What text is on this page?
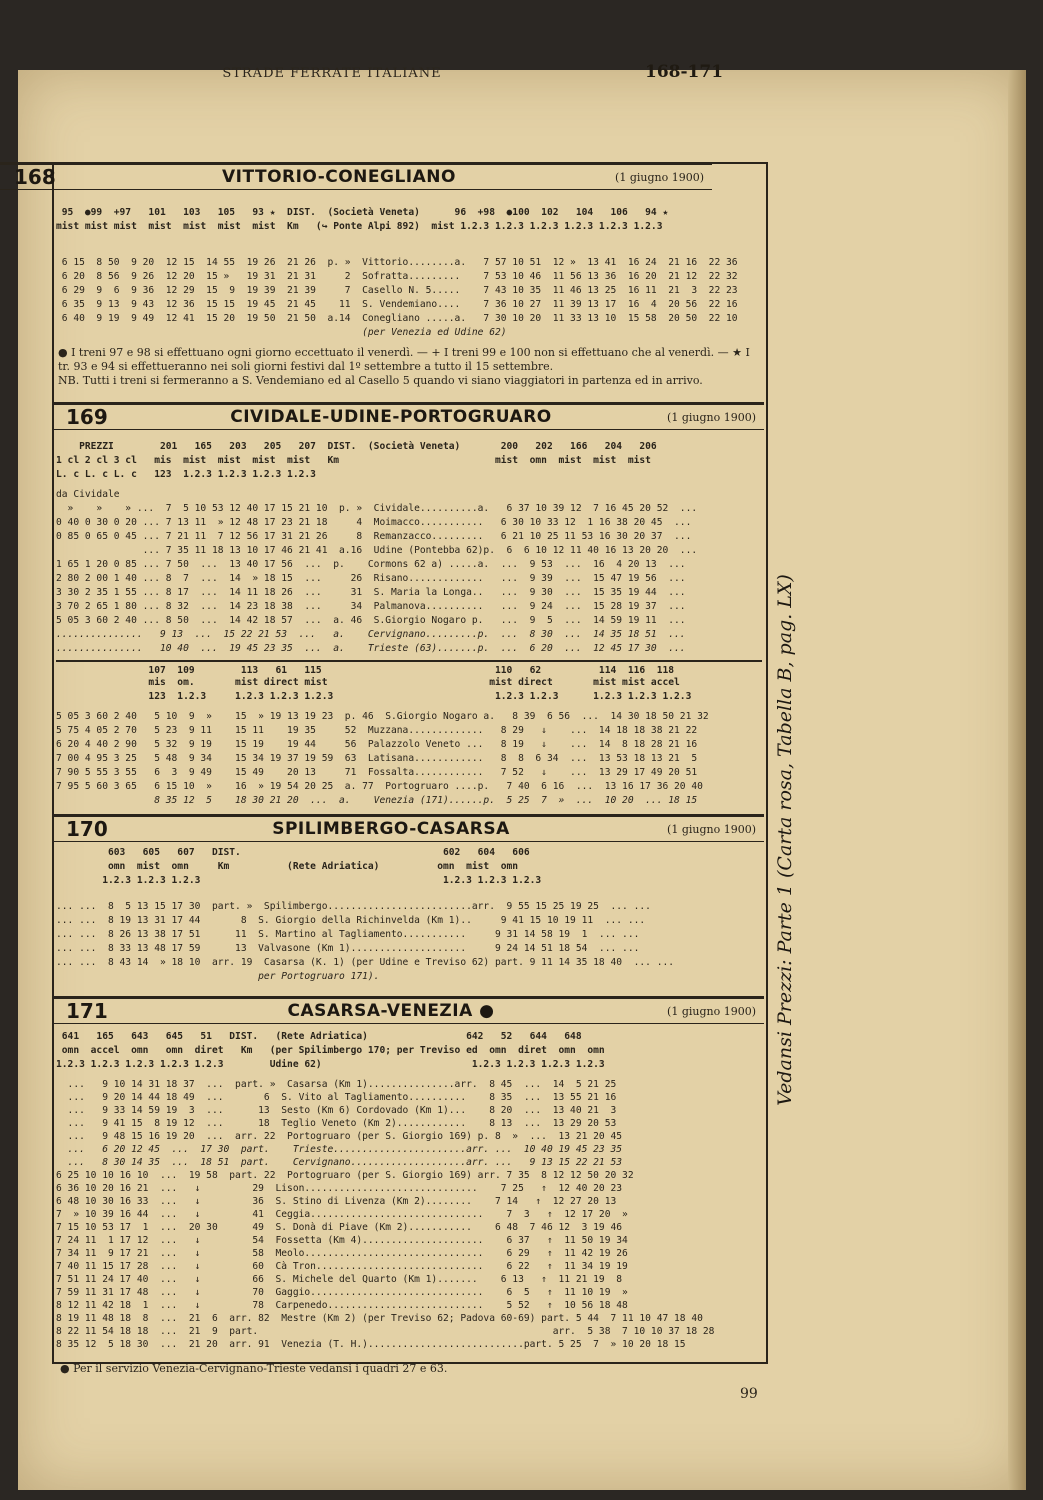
STRADE FERRATE ITALIANE	168-171
168	VITTORIO-CONEGLIANO	(1 giugno 1900)
95  ●99  +97   101   103   105   93 ★  DIST.  (Società Veneta)      96  +98  ●100  102   104   106   94 ★
mist mist mist  mist  mist  mist  mist  Km   (↪ Ponte Alpi 892)  mist 1.2.3 1.2.3 1.2.3 1.2.3 1.2.3 1.2.3
6 15  8 50  9 20  12 15  14 55  19 26  21 26  p. »  Vittorio........a.   7 57 10 51  12 »  13 41  16 24  21 16  22 36
6 20  8 56  9 26  12 20  15 »   19 31  21 31     2  Sofratta.........    7 53 10 46  11 56 13 36  16 20  21 12  22 32
6 29  9  6  9 36  12 29  15  9  19 39  21 39     7  Casello N. 5.....    7 43 10 35  11 46 13 25  16 11  21  3  22 23
6 35  9 13  9 43  12 36  15 15  19 45  21 45    11  S. Vendemiano....    7 36 10 27  11 39 13 17  16  4  20 56  22 16
6 40  9 19  9 49  12 41  15 20  19 50  21 50  a.14  Conegliano .....a.   7 30 10 20  11 33 13 10  15 58  20 50  22 10
(per Venezia ed Udine 62)
● I treni 97 e 98 si effettuano ogni giorno eccettuato il venerdì. — + I treni 99 e 100 non si effettuano che al venerdì. — ★ I tr. 93 e 94 si effettueranno nei soli giorni festivi dal 1º settembre a tutto il 15 settembre.
NB. Tutti i treni si fermeranno a S. Vendemiano ed al Casello 5 quando vi siano viaggiatori in partenza ed in arrivo.
169	CIVIDALE-UDINE-PORTOGRUARO	(1 giugno 1900)
PREZZI        201   165   203   205   207  DIST.  (Società Veneta)       200   202   166   204   206
1 cl 2 cl 3 cl   mis  mist  mist  mist  mist   Km                           mist  omn  mist  mist  mist
L. c L. c L. c   123  1.2.3 1.2.3 1.2.3 1.2.3
da Cividale
»    »    » ...  7  5 10 53 12 40 17 15 21 10  p. »  Cividale..........a.   6 37 10 39 12  7 16 45 20 52  ...
0 40 0 30 0 20 ... 7 13 11  » 12 48 17 23 21 18     4  Moimacco...........   6 30 10 33 12  1 16 38 20 45  ...
0 85 0 65 0 45 ... 7 21 11  7 12 56 17 31 21 26     8  Remanzacco.........   6 21 10 25 11 53 16 30 20 37  ...
... 7 35 11 18 13 10 17 46 21 41  a.16  Udine (Pontebba 62)p.  6  6 10 12 11 40 16 13 20 20  ...
1 65 1 20 0 85 ... 7 50  ...  13 40 17 56  ...  p.    Cormons 62 a) .....a.  ...  9 53  ...  16  4 20 13  ...
2 80 2 00 1 40 ... 8  7  ...  14  » 18 15  ...     26  Risano.............   ...  9 39  ...  15 47 19 56  ...
3 30 2 35 1 55 ... 8 17  ...  14 11 18 26  ...     31  S. Maria la Longa..   ...  9 30  ...  15 35 19 44  ...
3 70 2 65 1 80 ... 8 32  ...  14 23 18 38  ...     34  Palmanova..........   ...  9 24  ...  15 28 19 37  ...
5 05 3 60 2 40 ... 8 50  ...  14 42 18 57  ...  a. 46  S.Giorgio Nogaro p.   ...  9  5  ...  14 59 19 11  ...
...............   9 13  ...  15 22 21 53  ...   a.    Cervignano.........p.  ...  8 30  ...  14 35 18 51  ...
...............   10 40  ...  19 45 23 35  ...  a.    Trieste (63).......p.  ...  6 20  ...  12 45 17 30  ...
107  109        113   61   115                              110   62          114  116  118
mis  om.       mist direct mist                            mist direct       mist mist accel
123  1.2.3     1.2.3 1.2.3 1.2.3                            1.2.3 1.2.3      1.2.3 1.2.3 1.2.3
5 05 3 60 2 40   5 10  9  »    15  » 19 13 19 23  p. 46  S.Giorgio Nogaro a.   8 39  6 56  ...  14 30 18 50 21 32
5 75 4 05 2 70   5 23  9 11    15 11    19 35     52  Muzzana.............   8 29   ↓    ...  14 18 18 38 21 22
6 20 4 40 2 90   5 32  9 19    15 19    19 44     56  Palazzolo Veneto ...   8 19   ↓    ...  14  8 18 28 21 16
7 00 4 95 3 25   5 48  9 34    15 34 19 37 19 59  63  Latisana............   8  8  6 34  ...  13 53 18 13 21  5
7 90 5 55 3 55   6  3  9 49    15 49    20 13     71  Fossalta............   7 52   ↓    ...  13 29 17 49 20 51
7 95 5 60 3 65   6 15 10  »    16  » 19 54 20 25  a. 77  Portogruaro ....p.   7 40  6 16  ...  13 16 17 36 20 40
8 35 12  5    18 30 21 20  ...  a.    Venezia (171)......p.  5 25  7  »  ...  10 20  ... 18 15
170	SPILIMBERGO-CASARSA	(1 giugno 1900)
603   605   607   DIST.                                   602   604   606
omn  mist  omn     Km          (Rete Adriatica)          omn  mist  omn
1.2.3 1.2.3 1.2.3                                          1.2.3 1.2.3 1.2.3
... ...  8  5 13 15 17 30  part. »  Spilimbergo.........................arr.  9 55 15 25 19 25  ... ...
... ...  8 19 13 31 17 44       8  S. Giorgio della Richinvelda (Km 1)..     9 41 15 10 19 11  ... ...
... ...  8 26 13 38 17 51      11  S. Martino al Tagliamento...........     9 31 14 58 19  1  ... ...
... ...  8 33 13 48 17 59      13  Valvasone (Km 1)....................     9 24 14 51 18 54  ... ...
... ...  8 43 14  » 18 10  arr. 19  Casarsa (K. 1) (per Udine e Treviso 62) part. 9 11 14 35 18 40  ... ...
per Portogruaro 171).
171	CASARSA-VENEZIA ●	(1 giugno 1900)
641   165   643   645   51   DIST.   (Rete Adriatica)                 642   52   644   648
omn  accel  omn   omn  diret   Km   (per Spilimbergo 170; per Treviso ed  omn  diret  omn  omn
1.2.3 1.2.3 1.2.3 1.2.3 1.2.3        Udine 62)                          1.2.3 1.2.3 1.2.3 1.2.3
...   9 10 14 31 18 37  ...  part. »  Casarsa (Km 1)...............arr.  8 45  ...  14  5 21 25
...   9 20 14 44 18 49  ...       6  S. Vito al Tagliamento..........    8 35  ...  13 55 21 16
...   9 33 14 59 19  3  ...      13  Sesto (Km 6) Cordovado (Km 1)...    8 20  ...  13 40 21  3
...   9 41 15  8 19 12  ...      18  Teglio Veneto (Km 2)............    8 13  ...  13 29 20 53
...   9 48 15 16 19 20  ...  arr. 22  Portogruaro (per S. Giorgio 169) p. 8  »  ...  13 21 20 45
...   6 20 12 45  ...  17 30  part.    Trieste.......................arr. ...  10 40 19 45 23 35
...   8 30 14 35  ...  18 51  part.    Cervignano....................arr. ...   9 13 15 22 21 53
6 25 10 10 16 10  ...  19 58  part. 22  Portogruaro (per S. Giorgio 169) arr. 7 35  8 12 12 50 20 32
6 36 10 20 16 21  ...   ↓         29  Lison..............................    7 25   ↑  12 40 20 23
6 48 10 30 16 33  ...   ↓         36  S. Stino di Livenza (Km 2)........    7 14   ↑  12 27 20 13
7  » 10 39 16 44  ...   ↓         41  Ceggia..............................    7  3   ↑  12 17 20  »
7 15 10 53 17  1  ...  20 30      49  S. Donà di Piave (Km 2)...........    6 48  7 46 12  3 19 46
7 24 11  1 17 12  ...   ↓         54  Fossetta (Km 4).....................    6 37   ↑  11 50 19 34
7 34 11  9 17 21  ...   ↓         58  Meolo...............................    6 29   ↑  11 42 19 26
7 40 11 15 17 28  ...   ↓         60  Cà Tron.............................    6 22   ↑  11 34 19 19
7 51 11 24 17 40  ...   ↓         66  S. Michele del Quarto (Km 1).......    6 13   ↑  11 21 19  8
7 59 11 31 17 48  ...   ↓         70  Gaggio..............................    6  5   ↑  11 10 19  »
8 12 11 42 18  1  ...   ↓         78  Carpenedo...........................    5 52   ↑  10 56 18 48
8 19 11 48 18  8  ...  21  6  arr. 82  Mestre (Km 2) (per Treviso 62; Padova 60-69) part. 5 44  7 11 10 47 18 40
8 22 11 54 18 18  ...  21  9  part.                                                   arr.  5 38  7 10 10 37 18 28
8 35 12  5 18 30  ...  21 20  arr. 91  Venezia (T. H.)...........................part. 5 25  7  » 10 20 18 15
● Per il servizio Venezia-Cervignano-Trieste vedansi i quadri 27 e 63.
Vedansi Prezzi: Parte 1 (Carta rosa, Tabella B, pag. LX)
99
